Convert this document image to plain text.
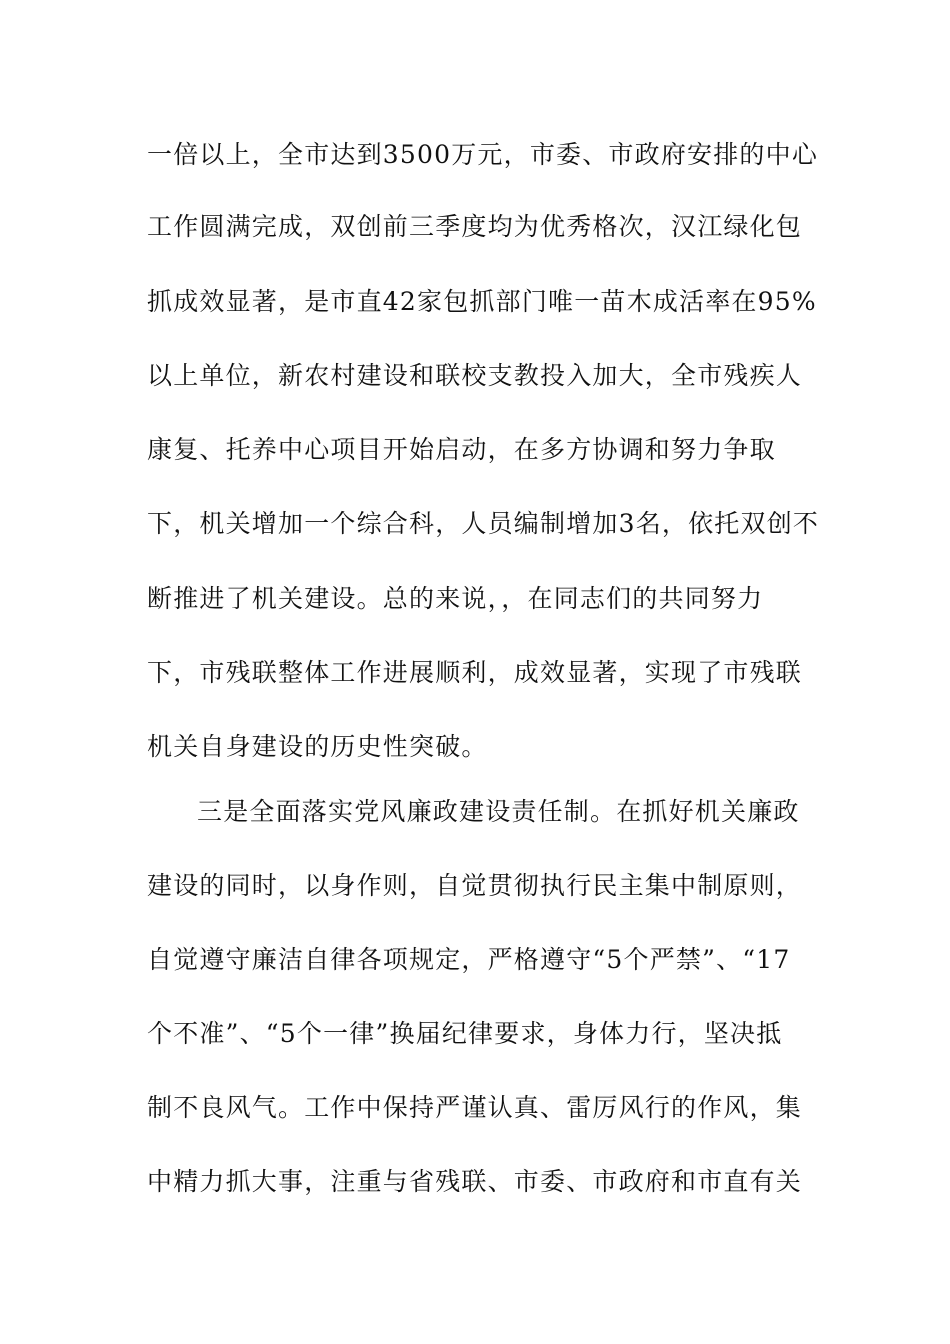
一倍以上，全市达到3500万元，市委、市政府安排的中心
工作圆满完成，双创前三季度均为优秀格次，汉江绿化包
抓成效显著，是市直42家包抓部门唯一苗木成活率在95%
以上单位，新农村建设和联校支教投入加大，全市残疾人
康复、托养中心项目开始启动，在多方协调和努力争取
下，机关增加一个综合科，人员编制增加3名，依托双创不
断推进了机关建设。总的来说，，在同志们的共同努力
下，市残联整体工作进展顺利，成效显著，实现了市残联
机关自身建设的历史性突破。
三是全面落实党风廉政建设责任制。在抓好机关廉政
建设的同时，以身作则，自觉贯彻执行民主集中制原则，
自觉遵守廉洁自律各项规定，严格遵守“5个严禁”、“17
个不准”、“5个一律”换届纪律要求，身体力行，坚决抵
制不良风气。工作中保持严谨认真、雷厉风行的作风，集
中精力抓大事，注重与省残联、市委、市政府和市直有关
